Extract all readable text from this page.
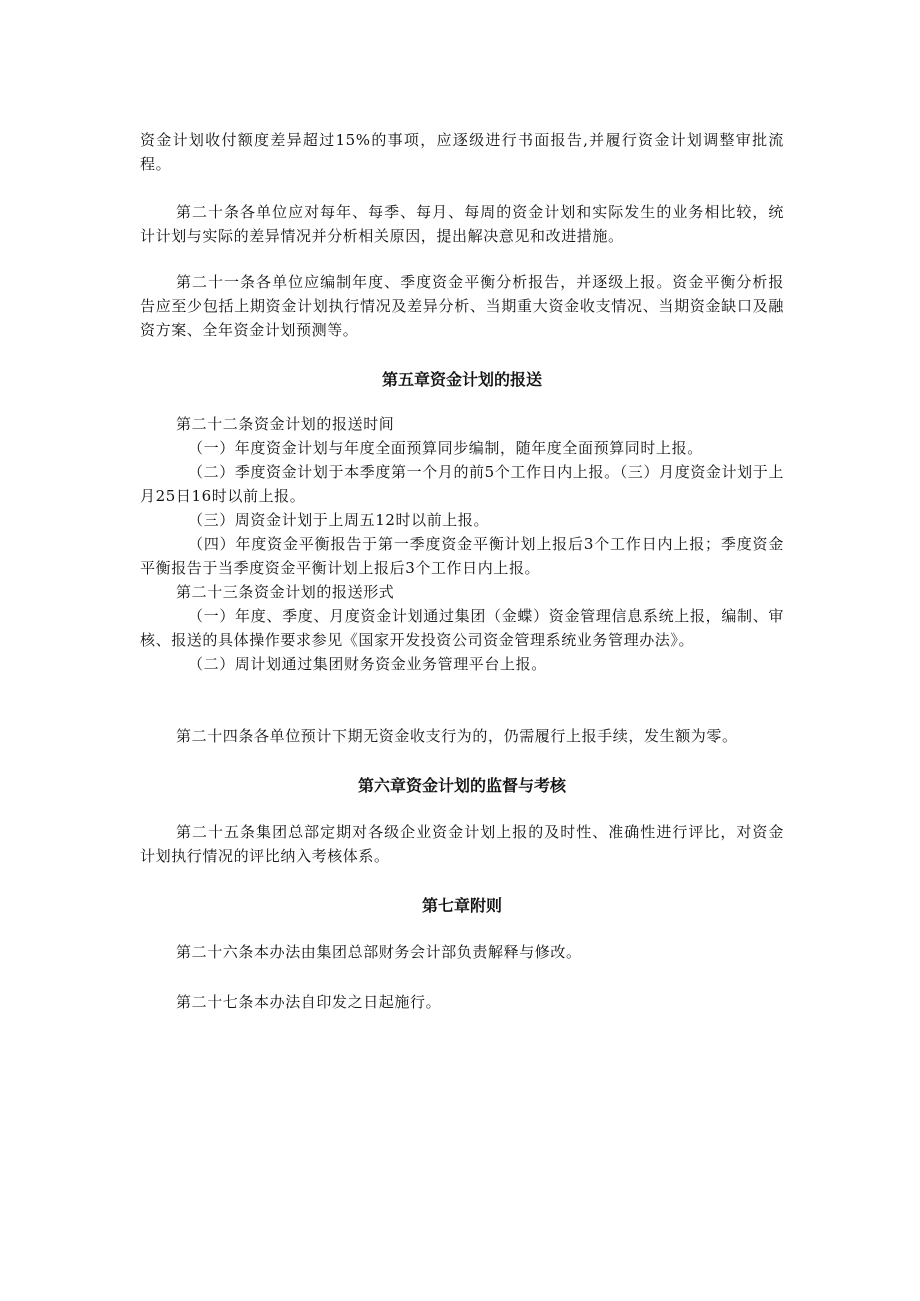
资金计划收付额度差异超过15%的事项，应逐级进行书面报告,并履行资金计划调整审批流程。

第二十条各单位应对每年、每季、每月、每周的资金计划和实际发生的业务相比较，统计计划与实际的差异情况并分析相关原因，提出解决意见和改进措施。

第二十一条各单位应编制年度、季度资金平衡分析报告，并逐级上报。资金平衡分析报告应至少包括上期资金计划执行情况及差异分析、当期重大资金收支情况、当期资金缺口及融资方案、全年资金计划预测等。

第五章资金计划的报送

第二十二条资金计划的报送时间

（一）年度资金计划与年度全面预算同步编制，随年度全面预算同时上报。

（二）季度资金计划于本季度第一个月的前5个工作日内上报。（三）月度资金计划于上月25日16时以前上报。

（三）周资金计划于上周五12时以前上报。

（四）年度资金平衡报告于第一季度资金平衡计划上报后3个工作日内上报；季度资金平衡报告于当季度资金平衡计划上报后3个工作日内上报。

第二十三条资金计划的报送形式

（一）年度、季度、月度资金计划通过集团（金蝶）资金管理信息系统上报，编制、审核、报送的具体操作要求参见《国家开发投资公司资金管理系统业务管理办法》。

（二）周计划通过集团财务资金业务管理平台上报。

第二十四条各单位预计下期无资金收支行为的，仍需履行上报手续，发生额为零。

第六章资金计划的监督与考核

第二十五条集团总部定期对各级企业资金计划上报的及时性、准确性进行评比，对资金计划执行情况的评比纳入考核体系。

第七章附则

第二十六条本办法由集团总部财务会计部负责解释与修改。

第二十七条本办法自印发之日起施行。
